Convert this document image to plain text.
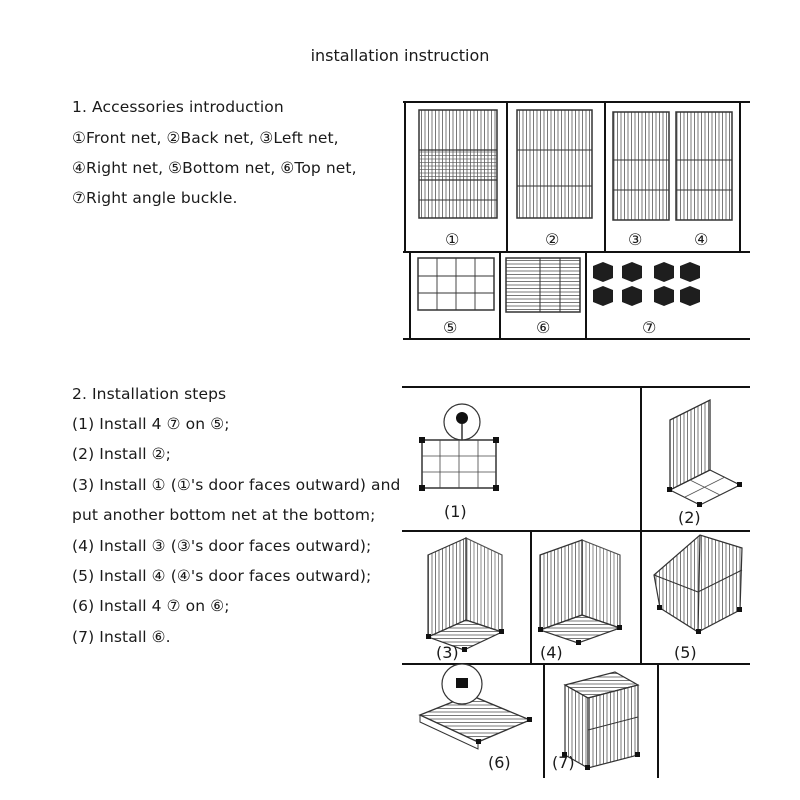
installation instruction
1. Accessories introduction
①Front net, ②Back net, ③Left net,
④Right net, ⑤Bottom net, ⑥Top net,
⑦Right angle buckle.
2. Installation steps
(1) Install 4 ⑦ on ⑤;
(2) Install ②;
(3) Install ① (①'s door faces outward) and
put another bottom net at the bottom;
(4) Install ③ (③'s door faces outward);
(5) Install ④ (④'s door faces outward);
(6) Install 4 ⑦ on ⑥;
(7) Install ⑥.
①	②	③	④
⑤	⑥	⑦
(1)	(2)
(3)	(4)	(5)
(6)	(7)
